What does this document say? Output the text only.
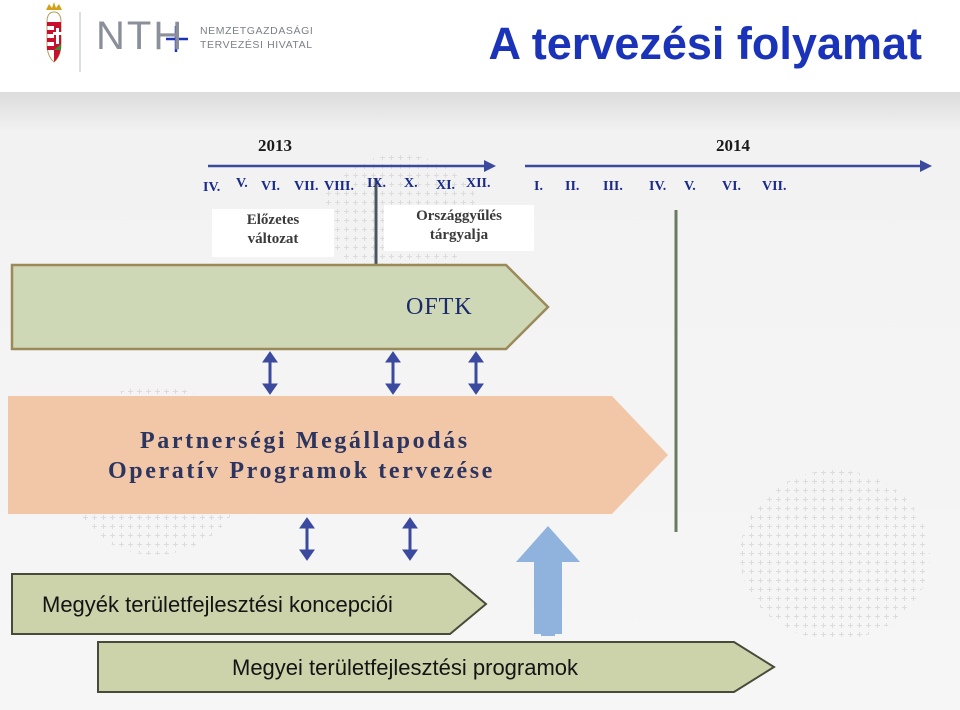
NTH NEMZETGAZDASÁGI
TERVEZÉSI HIVATAL	A tervezési folyamat
2013	2014
IV. V. VI. VII. VIII. IX. X. XI. XII.	I. II. III. IV. V. VI. VII.
Előzetes
változat
Országgyűlés
tárgyalja
OFTK
Partnerségi Megállapodás
Operatív Programok tervezése
Megyék területfejlesztési koncepciói
Megyei területfejlesztési programok
